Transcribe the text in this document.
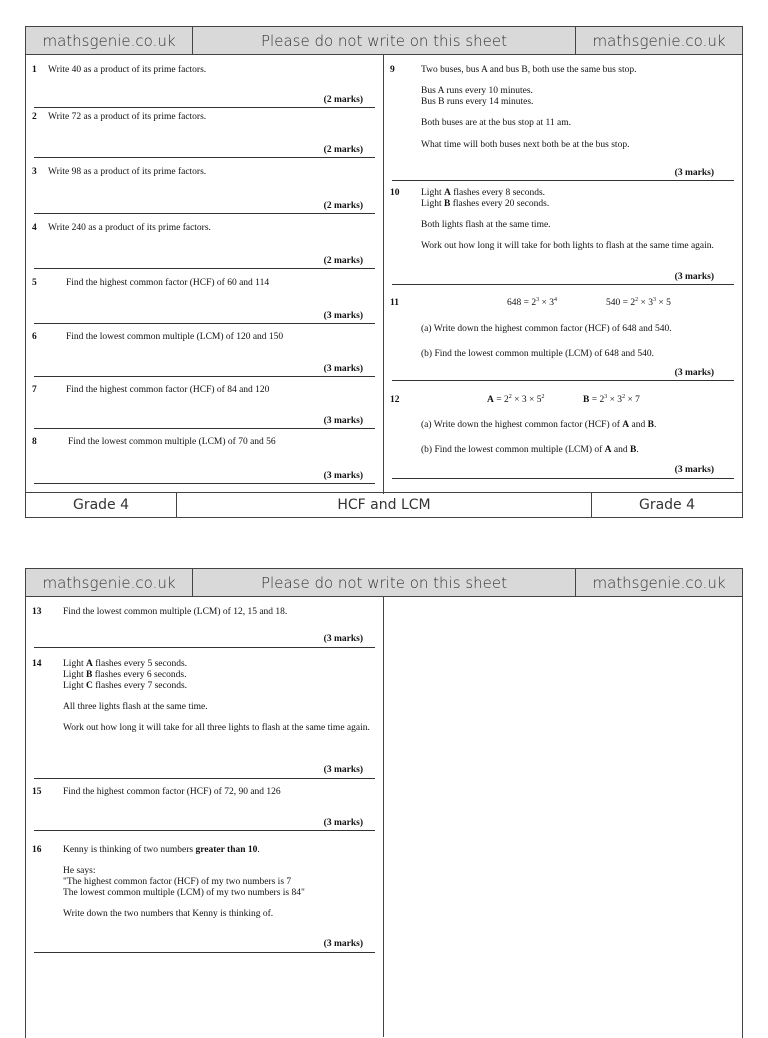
mathsgenie.co.uk	Please do not write on this sheet	mathsgenie.co.uk
1 Write 40 as a product of its prime factors.
(2 marks)
2 Write 72 as a product of its prime factors.
(2 marks)
3 Write 98 as a product of its prime factors.
(2 marks)
4 Write 240 as a product of its prime factors.
(2 marks)
5	Find the highest common factor (HCF) of 60 and 114
(3 marks)
6	Find the lowest common multiple (LCM) of 120 and 150
(3 marks)
7	Find the highest common factor (HCF) of 84 and 120
(3 marks)
8	Find the lowest common multiple (LCM) of 70 and 56
(3 marks)
9	Two buses, bus A and bus B, both use the same bus stop.

Bus A runs every 10 minutes.

Bus B runs every 14 minutes.

Both buses are at the bus stop at 11 am.

What time will both buses next both be at the bus stop.

(3 marks)
10 Light A flashes every 8 seconds.

Light B flashes every 20 seconds.

Both lights flash at the same time.

Work out how long it will take for both lights to flash at the same time again.

(3 marks)
11	$648 = 2^3 \times 3^4$	$540 = 2^2 \times 3^3 \times 5$
(a) Write down the highest common factor (HCF) of 648 and 540.
(b) Find the lowest common multiple (LCM) of 648 and 540.
(3 marks)
12	$A = 2^2 \times 3 \times 5^2$	$B = 2^3 \times 3^2 \times 7$
(a) Write down the highest common factor (HCF) of A and B.
(b) Find the lowest common multiple (LCM) of A and B.
(3 marks)
Grade 4	HCF and LCM	Grade 4
mathsgenie.co.uk	Please do not write on this sheet	mathsgenie.co.uk
13 Find the lowest common multiple (LCM) of 12, 15 and 18.
(3 marks)
14 Light A flashes every 5 seconds.
Light B flashes every 6 seconds.

Light C flashes every 7 seconds.

All three lights flash at the same time.

Work out how long it will take for all three lights to flash at the same time again.

(3 marks)
15 Find the highest common factor (HCF) of 72, 90 and 126
(3 marks)
16 Kenny is thinking of two numbers greater than 10.

He says:
"The highest common factor (HCF) of my two numbers is 7

The lowest common multiple (LCM) of my two numbers is 84"

Write down the two numbers that Kenny is thinking of.

(3 marks)
